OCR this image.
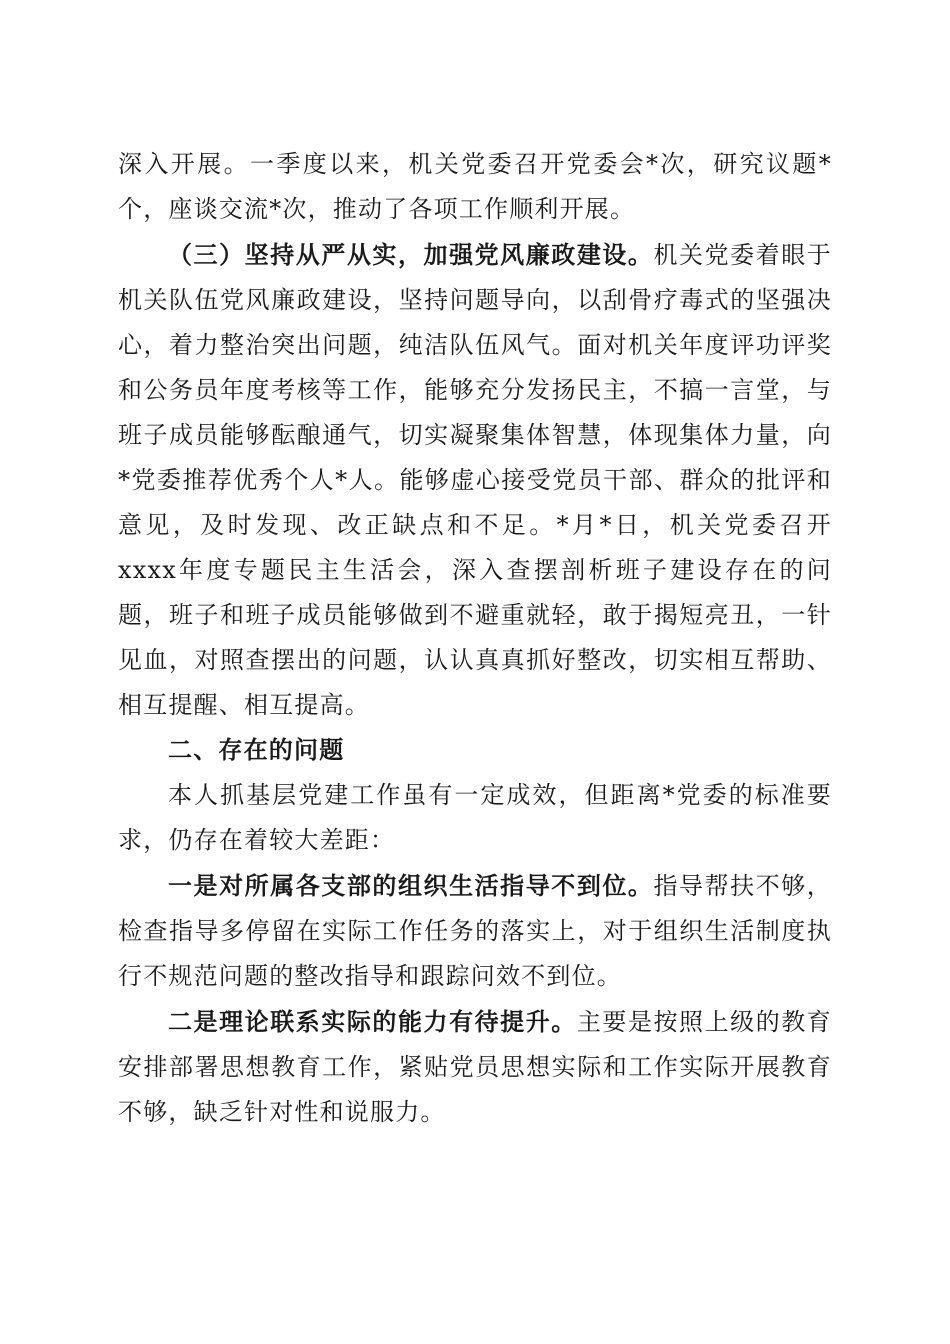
深入开展。一季度以来，机关党委召开党委会*次，研究议题*个，座谈交流*次，推动了各项工作顺利开展。

（三）坚持从严从实，加强党风廉政建设。机关党委着眼于机关队伍党风廉政建设，坚持问题导向，以刮骨疗毒式的坚强决心，着力整治突出问题，纯洁队伍风气。面对机关年度评功评奖和公务员年度考核等工作，能够充分发扬民主，不搞一言堂，与班子成员能够酝酿通气，切实凝聚集体智慧，体现集体力量，向*党委推荐优秀个人*人。能够虚心接受党员干部、群众的批评和意见，及时发现、改正缺点和不足。*月*日，机关党委召开xxxx年度专题民主生活会，深入查摆剖析班子建设存在的问题，班子和班子成员能够做到不避重就轻，敢于揭短亮丑，一针见血，对照查摆出的问题，认认真真抓好整改，切实相互帮助、相互提醒、相互提高。

二、存在的问题

本人抓基层党建工作虽有一定成效，但距离*党委的标准要求，仍存在着较大差距：

一是对所属各支部的组织生活指导不到位。指导帮扶不够，检查指导多停留在实际工作任务的落实上，对于组织生活制度执行不规范问题的整改指导和跟踪问效不到位。

二是理论联系实际的能力有待提升。主要是按照上级的教育安排部署思想教育工作，紧贴党员思想实际和工作实际开展教育不够，缺乏针对性和说服力。
